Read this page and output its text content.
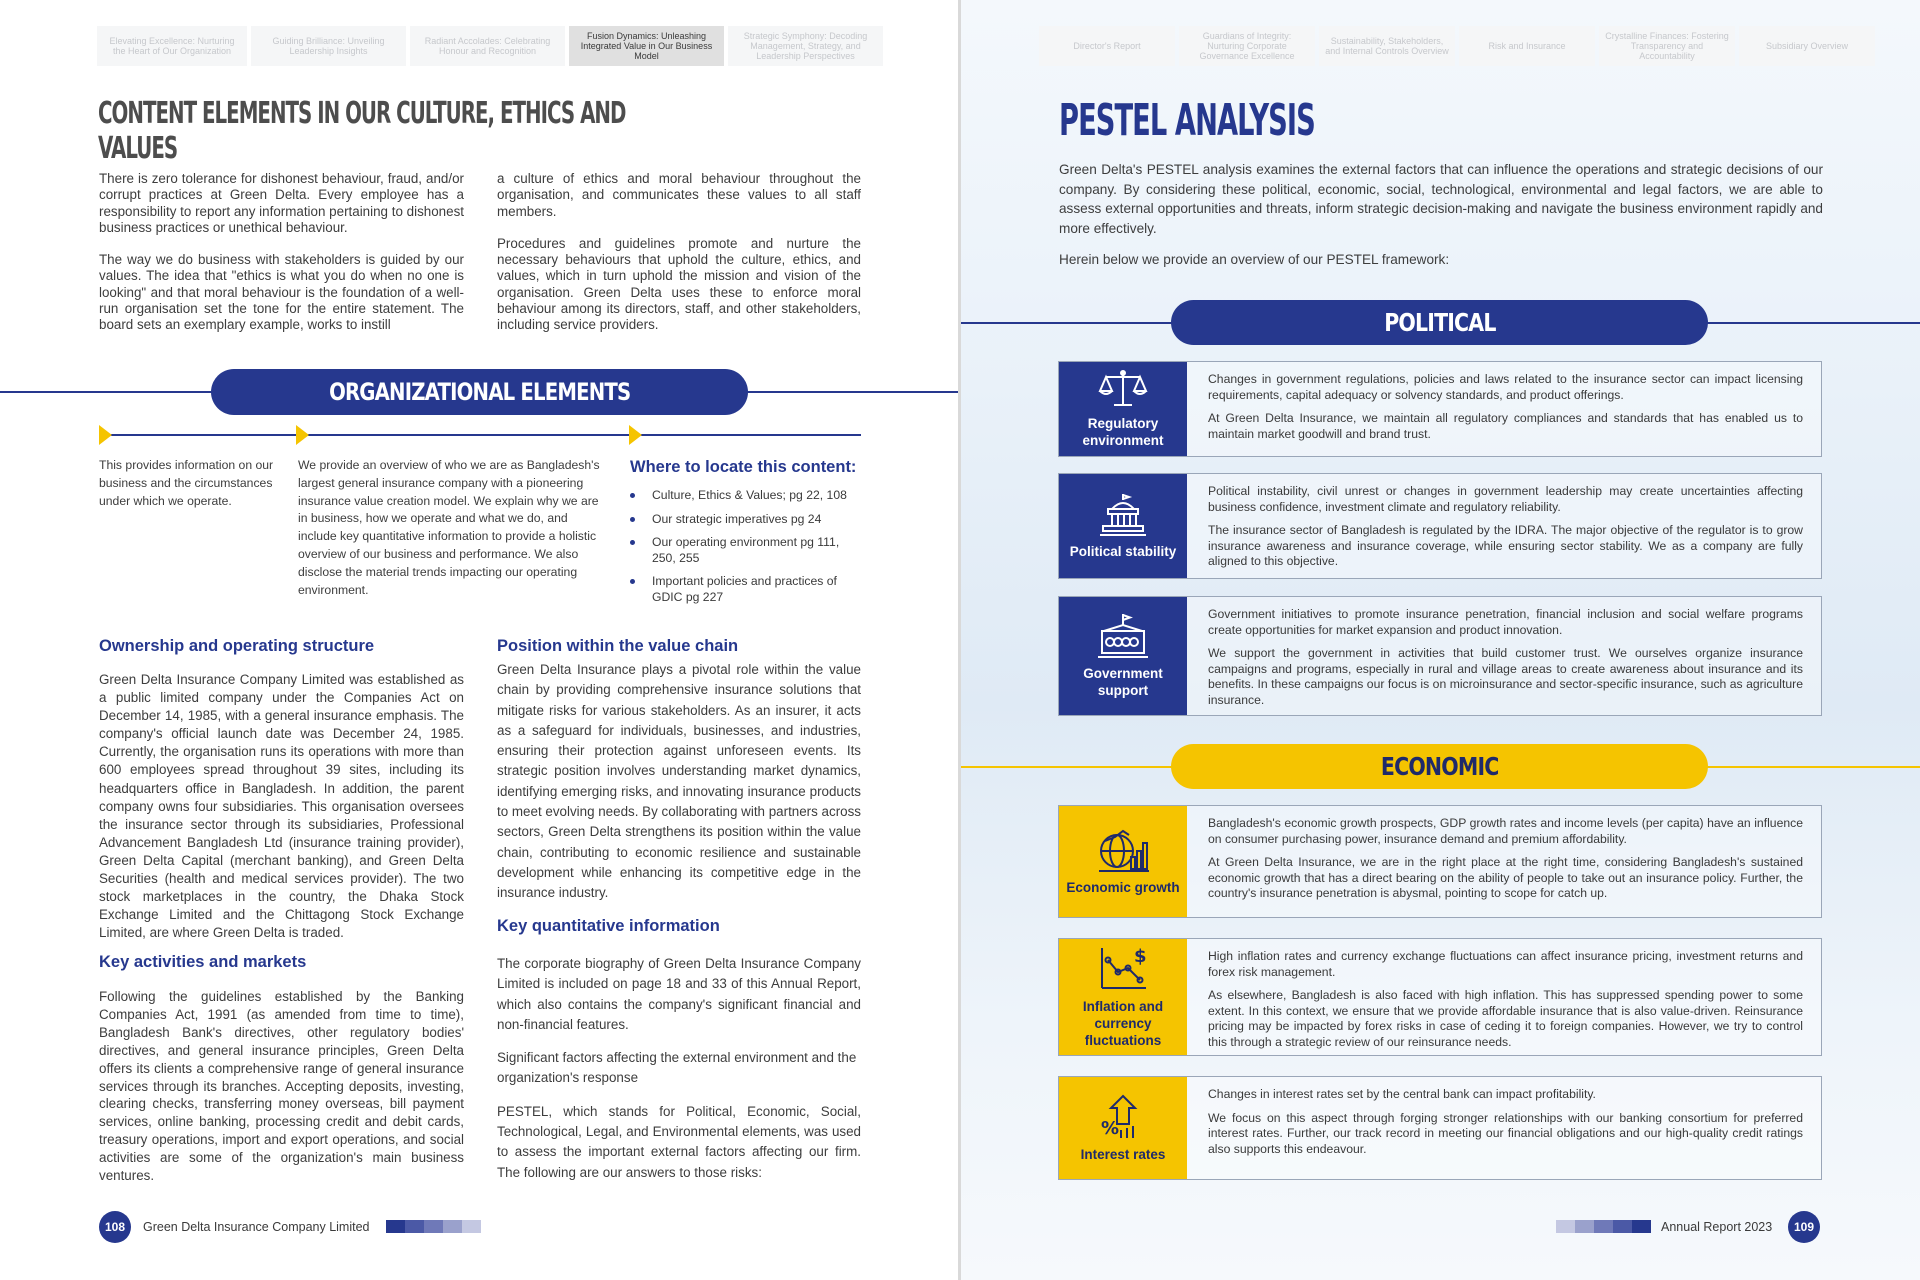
Elevating Excellence: Nurturing the Heart of Our Organization
Guiding Brilliance: Unveiling Leadership Insights
Radiant Accolades: Celebrating Honour and Recognition
Fusion Dynamics: Unleashing Integrated Value in Our Business Model
Strategic Symphony: Decoding Management, Strategy, and Leadership Perspectives
CONTENT ELEMENTS IN OUR CULTURE, ETHICS AND VALUES

There is zero tolerance for dishonest behaviour, fraud, and/or corrupt practices at Green Delta. Every employee has a responsibility to report any information pertaining to dishonest business practices or unethical behaviour.

The way we do business with stakeholders is guided by our values. The idea that "ethics is what you do when no one is looking" and that moral behaviour is the foundation of a well-run organisation set the tone for the entire statement. The board sets an exemplary example, works to instill

a culture of ethics and moral behaviour throughout the organisation, and communicates these values to all staff members.

Procedures and guidelines promote and nurture the necessary behaviours that uphold the culture, ethics, and values, which in turn uphold the mission and vision of the organisation. Green Delta uses these to enforce moral behaviour among its directors, staff, and other stakeholders, including service providers.

ORGANIZATIONAL ELEMENTS
This provides information on our business and the circumstances under which we operate.
We provide an overview of who we are as Bangladesh's largest general insurance company with a pioneering insurance value creation model. We explain why we are in business, how we operate and what we do, and include key quantitative information to provide a holistic overview of our business and performance. We also disclose the material trends impacting our operating environment.
Where to locate this content:
Culture, Ethics & Values; pg 22, 108
Our strategic imperatives pg 24
Our operating environment pg 111, 250, 255
Important policies and practices of GDIC pg 227
Ownership and operating structure
Green Delta Insurance Company Limited was established as a public limited company under the Companies Act on December 14, 1985, with a general insurance emphasis. The company's official launch date was December 24, 1985. Currently, the organisation runs its operations with more than 600 employees spread throughout 39 sites, including its headquarters office in Bangladesh. In addition, the parent company owns four subsidiaries. This organisation oversees the insurance sector through its subsidiaries, Professional Advancement Bangladesh Ltd (insurance training provider), Green Delta Capital (merchant banking), and Green Delta Securities (health and medical services provider). The two stock marketplaces in the country, the Dhaka Stock Exchange Limited and the Chittagong Stock Exchange Limited, are where Green Delta is traded.
Key activities and markets
Following the guidelines established by the Banking Companies Act, 1991 (as amended from time to time), Bangladesh Bank's directives, other regulatory bodies' directives, and general insurance principles, Green Delta offers its clients a comprehensive range of general insurance services through its branches. Accepting deposits, investing, clearing checks, transferring money overseas, bill payment services, online banking, processing credit and debit cards, treasury operations, import and export operations, and social activities are some of the organization's main business ventures.
Position within the value chain
Green Delta Insurance plays a pivotal role within the value chain by providing comprehensive insurance solutions that mitigate risks for various stakeholders. As an insurer, it acts as a safeguard for individuals, businesses, and industries, ensuring their protection against unforeseen events. Its strategic position involves understanding market dynamics, identifying emerging risks, and innovating insurance products to meet evolving needs. By collaborating with partners across sectors, Green Delta strengthens its position within the value chain, contributing to economic resilience and sustainable development while enhancing its competitive edge in the insurance industry.
Key quantitative information

The corporate biography of Green Delta Insurance Company Limited is included on page 18 and 33 of this Annual Report, which also contains the company's significant financial and non-financial features.

Significant factors affecting the external environment and the organization's response

PESTEL, which stands for Political, Economic, Social, Technological, Legal, and Environmental elements, was used to assess the important external factors affecting our firm. The following are our answers to those risks:

108	Green Delta Insurance Company Limited
Director's Report
Guardians of Integrity: Nurturing Corporate Governance Excellence
Sustainability, Stakeholders, and Internal Controls Overview	Risk and Insurance
Crystalline Finances: Fostering Transparency and Accountability
Subsidiary Overview
PESTEL ANALYSIS
Green Delta's PESTEL analysis examines the external factors that can influence the operations and strategic decisions of our company. By considering these political, economic, social, technological, environmental and legal factors, we are able to assess external opportunities and threats, inform strategic decision-making and navigate the business environment rapidly and more effectively.
Herein below we provide an overview of our PESTEL framework:
POLITICAL
Regulatory environment

Changes in government regulations, policies and laws related to the insurance sector can impact licensing requirements, capital adequacy or solvency standards, and product offerings.

At Green Delta Insurance, we maintain all regulatory compliances and standards that has enabled us to maintain market goodwill and brand trust.

Political stability

Political instability, civil unrest or changes in government leadership may create uncertainties affecting business confidence, investment climate and regulatory reliability.

The insurance sector of Bangladesh is regulated by the IDRA. The major objective of the regulator is to grow insurance awareness and insurance coverage, while ensuring sector stability. We as a company are fully aligned to this objective.

Government support

Government initiatives to promote insurance penetration, financial inclusion and social welfare programs create opportunities for market expansion and product innovation.

We support the government in activities that build customer trust. We ourselves organize insurance campaigns and programs, especially in rural and village areas to create awareness about insurance and its benefits. In these campaigns our focus is on microinsurance and sector-specific insurance, such as agriculture insurance.

ECONOMIC
Economic growth

Bangladesh's economic growth prospects, GDP growth rates and income levels (per capita) have an influence on consumer purchasing power, insurance demand and premium affordability.

At Green Delta Insurance, we are in the right place at the right time, considering Bangladesh's sustained economic growth that has a direct bearing on the ability of people to take out an insurance policy. Further, the country's insurance penetration is abysmal, pointing to scope for catch up.

$
Inflation and currency fluctuations

High inflation rates and currency exchange fluctuations can affect insurance pricing, investment returns and forex risk management.

As elsewhere, Bangladesh is also faced with high inflation. This has suppressed spending power to some extent. In this context, we ensure that we provide affordable insurance that is also value-driven. Reinsurance pricing may be impacted by forex risks in case of ceding it to foreign companies. However, we try to control this through a strategic review of our reinsurance needs.

%
Interest rates

Changes in interest rates set by the central bank can impact profitability.

We focus on this aspect through forging stronger relationships with our banking consortium for preferred interest rates. Further, our track record in meeting our financial obligations and our high-quality credit ratings also supports this endeavour.

Annual Report 2023	109
